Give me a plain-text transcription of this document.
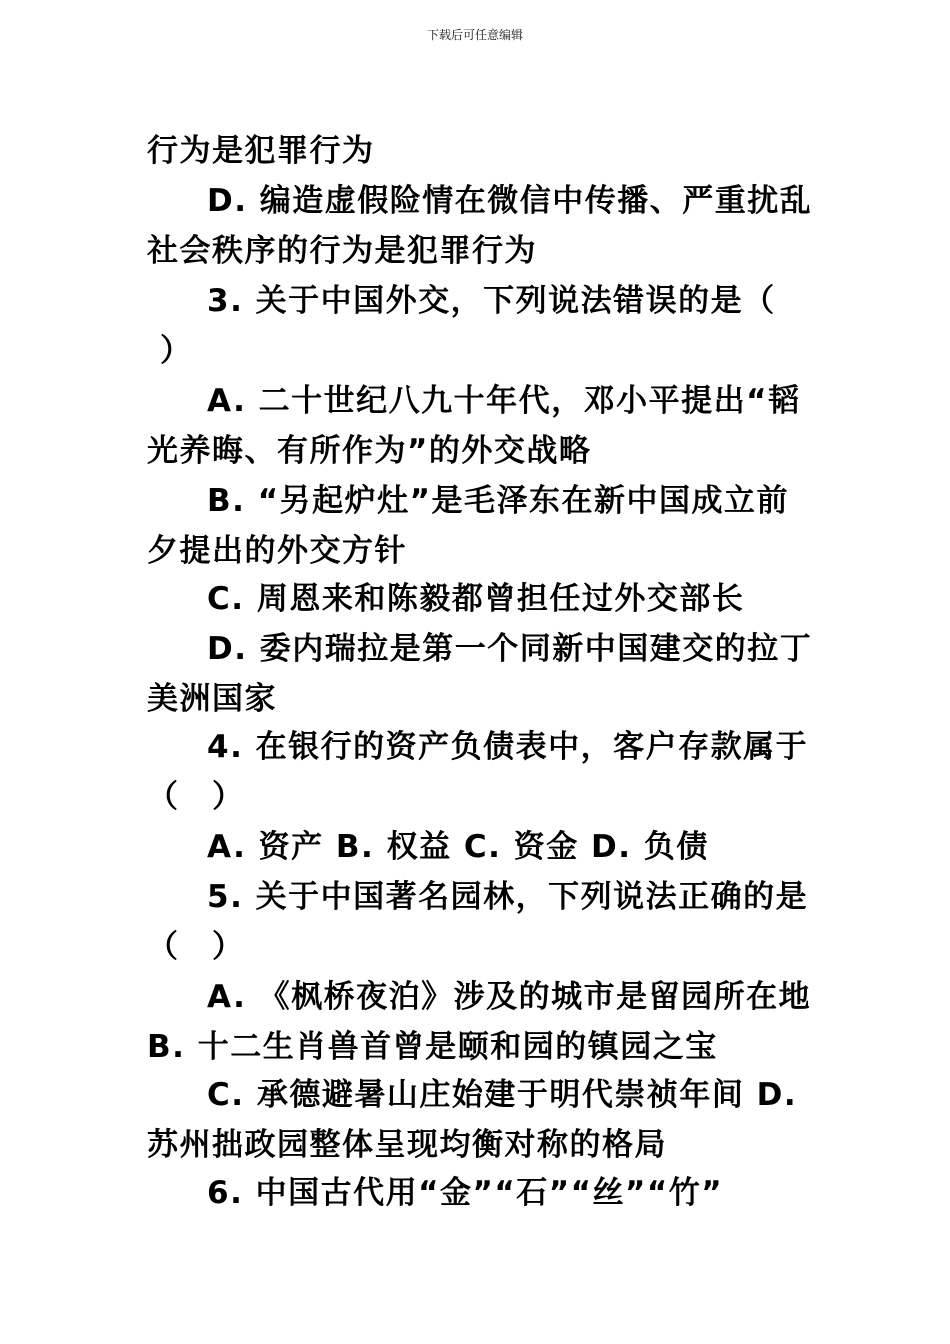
下载后可任意编辑
行为是犯罪行为
D. 编造虚假险情在微信中传播、严重扰乱
社会秩序的行为是犯罪行为
3. 关于中国外交，下列说法错误的是（
）
A. 二十世纪八九十年代，邓小平提出“韬
光养晦、有所作为”的外交战略
B. “另起炉灶”是毛泽东在新中国成立前
夕提出的外交方针
C. 周恩来和陈毅都曾担任过外交部长
D. 委内瑞拉是第一个同新中国建交的拉丁
美洲国家
4. 在银行的资产负债表中，客户存款属于
（　）
A. 资产 B. 权益 C. 资金 D. 负债
5. 关于中国著名园林，下列说法正确的是
（　）
A. 《枫桥夜泊》涉及的城市是留园所在地
B. 十二生肖兽首曾是颐和园的镇园之宝
C. 承德避暑山庄始建于明代崇祯年间 D.
苏州拙政园整体呈现均衡对称的格局
6. 中国古代用“金”“石”“丝”“竹”
